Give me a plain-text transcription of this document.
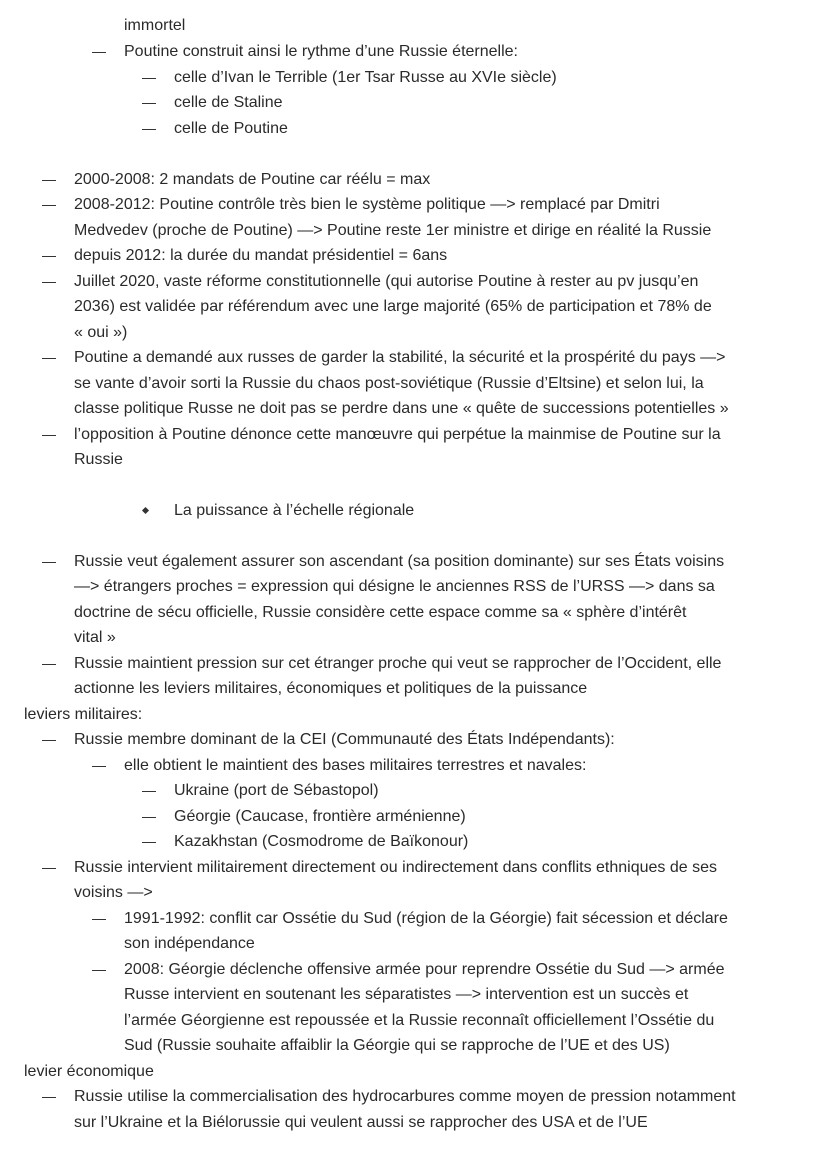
immortel
Poutine construit ainsi le rythme d’une Russie éternelle:
celle d’Ivan le Terrible (1er Tsar Russe au XVIe siècle)
celle de Staline
celle de Poutine
2000-2008: 2 mandats de Poutine car réélu = max
2008-2012: Poutine contrôle très bien le système politique —> remplacé par Dmitri
Medvedev (proche de Poutine) —> Poutine reste 1er ministre et dirige en réalité la Russie
depuis 2012: la durée du mandat présidentiel = 6ans
Juillet 2020, vaste réforme constitutionnelle (qui autorise Poutine à rester au pv jusqu’en
2036) est validée par référendum avec une large majorité (65% de participation et 78% de
« oui »)
Poutine a demandé aux russes de garder la stabilité, la sécurité et la prospérité du pays —>
se vante d’avoir sorti la Russie du chaos post-soviétique (Russie d’Eltsine) et selon lui, la
classe politique Russe ne doit pas se perdre dans une « quête de successions potentielles »
l’opposition à Poutine dénonce cette manœuvre qui perpétue la mainmise de Poutine sur la
Russie
La puissance à l’échelle régionale
Russie veut également assurer son ascendant (sa position dominante) sur ses États voisins
—> étrangers proches = expression qui désigne le anciennes RSS de l’URSS —> dans sa
doctrine de sécu officielle, Russie considère cette espace comme sa « sphère d’intérêt
vital »
Russie maintient pression sur cet étranger proche qui veut se rapprocher de l’Occident, elle
actionne les leviers militaires, économiques et politiques de la puissance
leviers militaires:
Russie membre dominant de la CEI (Communauté des États Indépendants):
elle obtient le maintient des bases militaires terrestres et navales:
Ukraine (port de Sébastopol)
Géorgie (Caucase, frontière arménienne)
Kazakhstan (Cosmodrome de Baïkonour)
Russie intervient militairement directement ou indirectement dans conflits ethniques de ses
voisins —>
1991-1992: conflit car Ossétie du Sud (région de la Géorgie) fait sécession et déclare
son indépendance
2008: Géorgie déclenche offensive armée pour reprendre Ossétie du Sud —> armée
Russe intervient en soutenant les séparatistes —> intervention est un succès et
l’armée Géorgienne est repoussée et la Russie reconnaît officiellement l’Ossétie du
Sud (Russie souhaite affaiblir la Géorgie qui se rapproche de l’UE et des US)
levier économique
Russie utilise la commercialisation des hydrocarbures comme moyen de pression notamment
sur l’Ukraine et la Biélorussie qui veulent aussi se rapprocher des USA et de l’UE
